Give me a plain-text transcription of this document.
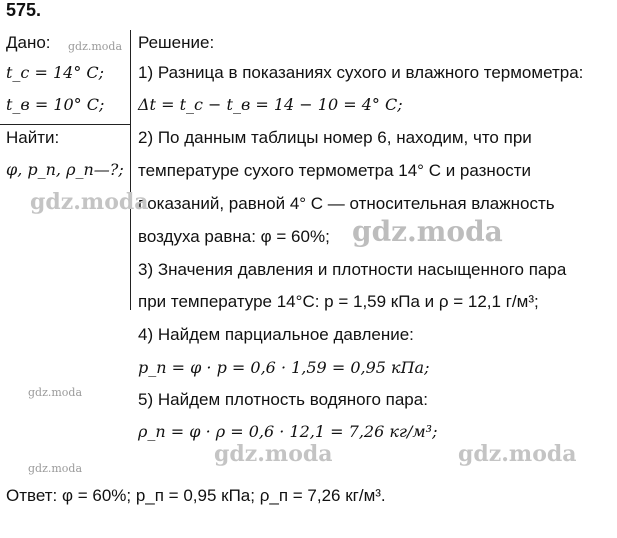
575.
Дано:
t_с = 14° C;
t_в = 10° C;
Найти:
φ, p_п, ρ_п—?;
Решение:
1) Разница в показаниях сухого и влажного термометра:
Δt = t_с − t_в = 14 − 10 = 4° C;
2) По данным таблицы номер 6, находим, что при
температуре сухого термометра 14° C и разности
показаний, равной 4° C — относительная влажность
воздуха равна: φ = 60%;
3) Значения давления и плотности насыщенного пара
при температуре 14°C: p = 1,59 кПа и ρ = 12,1 г/м³;
4) Найдем парциальное давление:
p_п = φ · p = 0,6 · 1,59 = 0,95 кПа;
5) Найдем плотность водяного пара:
ρ_п = φ · ρ = 0,6 · 12,1 = 7,26 кг/м³;
Ответ: φ = 60%; p_п = 0,95 кПа; ρ_п = 7,26 кг/м³.
gdz.moda
gdz.moda
gdz.moda
gdz.moda
gdz.moda
gdz.moda	gdz.moda
